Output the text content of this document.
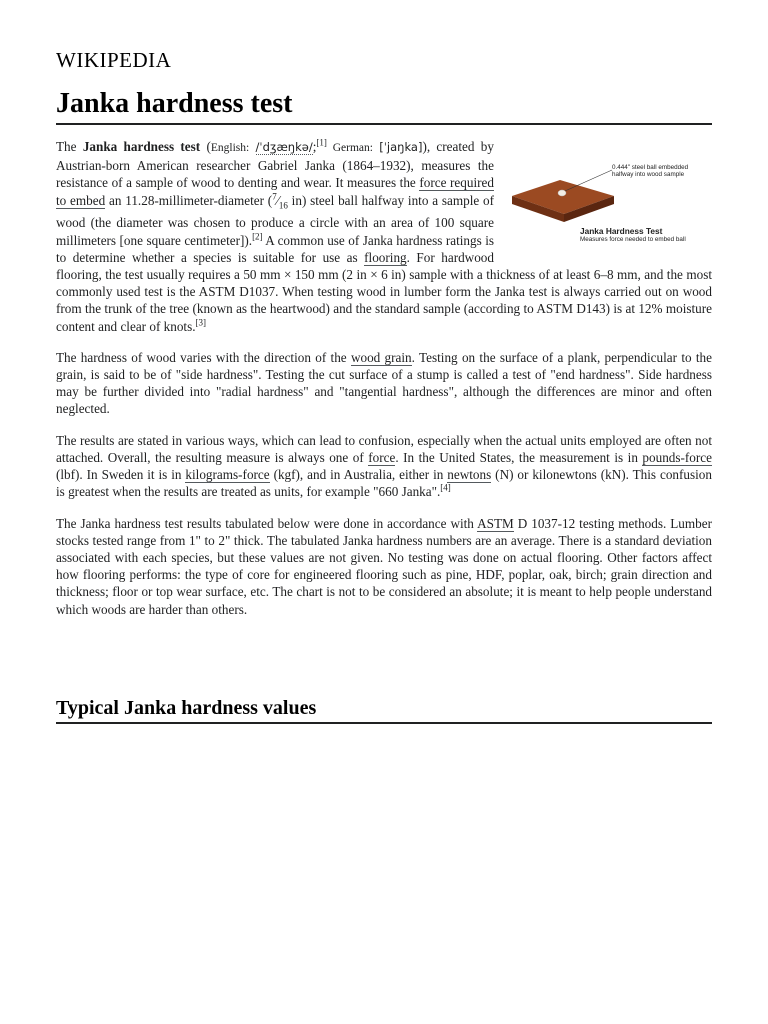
WIKIPEDIA
Janka hardness test
0.444" steel ball embedded halfway into wood sample
Janka Hardness Test
Measures force needed to embed ball

The Janka hardness test (English: /ˈdʒæŋkə/;[1] German: [ˈjaŋka]), created by Austrian-born American researcher Gabriel Janka (1864–1932), measures the resistance of a sample of wood to denting and wear. It measures the force required to embed an 11.28-millimeter-diameter ($^7⁄_{16}$ in) steel ball halfway into a sample of wood (the diameter was chosen to produce a circle with an area of 100 square millimeters [one square centimeter]).[2] A common use of Janka hardness ratings is to determine whether a species is suitable for use as flooring. For hardwood flooring, the test usually requires a 50 mm × 150 mm (2 in × 6 in) sample with a thickness of at least 6–8 mm, and the most commonly used test is the ASTM D1037. When testing wood in lumber form the Janka test is always carried out on wood from the trunk of the tree (known as the heartwood) and the standard sample (according to ASTM D143) is at 12% moisture content and clear of knots.[3]

The hardness of wood varies with the direction of the wood grain. Testing on the surface of a plank, perpendicular to the grain, is said to be of "side hardness". Testing the cut surface of a stump is called a test of "end hardness". Side hardness may be further divided into "radial hardness" and "tangential hardness", although the differences are minor and often neglected.

The results are stated in various ways, which can lead to confusion, especially when the actual units employed are often not attached. Overall, the resulting measure is always one of force. In the United States, the measurement is in pounds-force (lbf). In Sweden it is in kilograms-force (kgf), and in Australia, either in newtons (N) or kilonewtons (kN). This confusion is greatest when the results are treated as units, for example "660 Janka".[4]

The Janka hardness test results tabulated below were done in accordance with ASTM D 1037-12 testing methods. Lumber stocks tested range from 1" to 2" thick. The tabulated Janka hardness numbers are an average. There is a standard deviation associated with each species, but these values are not given. No testing was done on actual flooring. Other factors affect how flooring performs: the type of core for engineered flooring such as pine, HDF, poplar, oak, birch; grain direction and thickness; floor or top wear surface, etc. The chart is not to be considered an absolute; it is meant to help people understand which woods are harder than others.

Typical Janka hardness values
